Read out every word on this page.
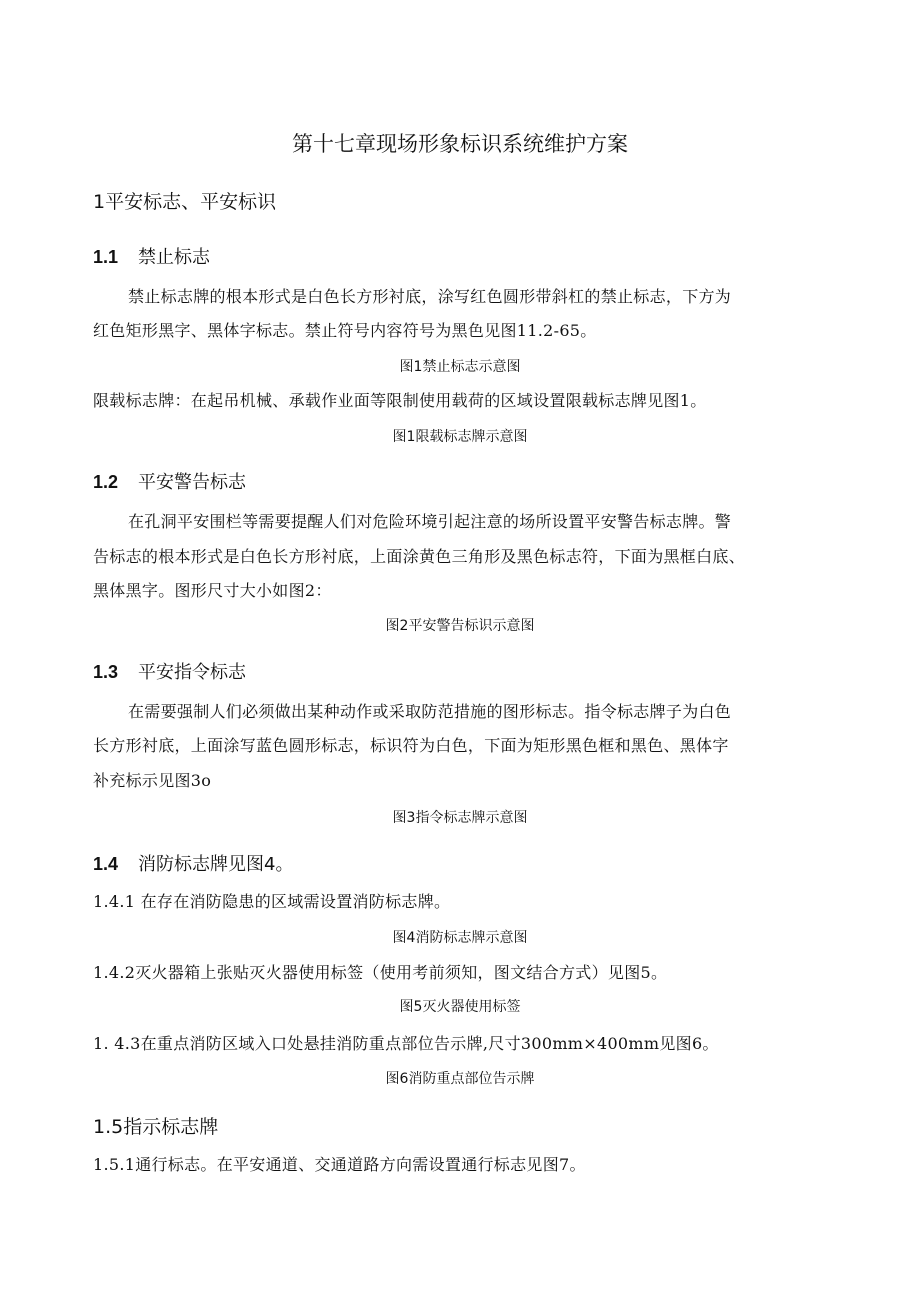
第十七章现场形象标识系统维护方案
1平安标志、平安标识
1.1 禁止标志
禁止标志牌的根本形式是白色长方形衬底，涂写红色圆形带斜杠的禁止标志，下方为
红色矩形黑字、黑体字标志。禁止符号内容符号为黑色见图11.2-65。
图1禁止标志示意图
限载标志牌：在起吊机械、承载作业面等限制使用载荷的区域设置限载标志牌见图1。
图1限载标志牌示意图
1.2 平安警告标志
在孔洞平安围栏等需要提醒人们对危险环境引起注意的场所设置平安警告标志牌。警
告标志的根本形式是白色长方形衬底，上面涂黄色三角形及黑色标志符，下面为黑框白底、
黑体黑字。图形尺寸大小如图2：
图2平安警告标识示意图
1.3 平安指令标志
在需要强制人们必须做出某种动作或采取防范措施的图形标志。指令标志牌子为白色
长方形衬底，上面涂写蓝色圆形标志，标识符为白色，下面为矩形黑色框和黑色、黑体字
补充标示见图3o
图3指令标志牌示意图
1.4 消防标志牌见图4。
1.4.1 在存在消防隐患的区域需设置消防标志牌。
图4消防标志牌示意图
1.4.2灭火器箱上张贴灭火器使用标签（使用考前须知，图文结合方式）见图5。
图5灭火器使用标签
1. 4.3在重点消防区域入口处悬挂消防重点部位告示牌,尺寸300mm×400mm见图6。
图6消防重点部位告示牌
1.5指示标志牌
1.5.1通行标志。在平安通道、交通道路方向需设置通行标志见图7。
